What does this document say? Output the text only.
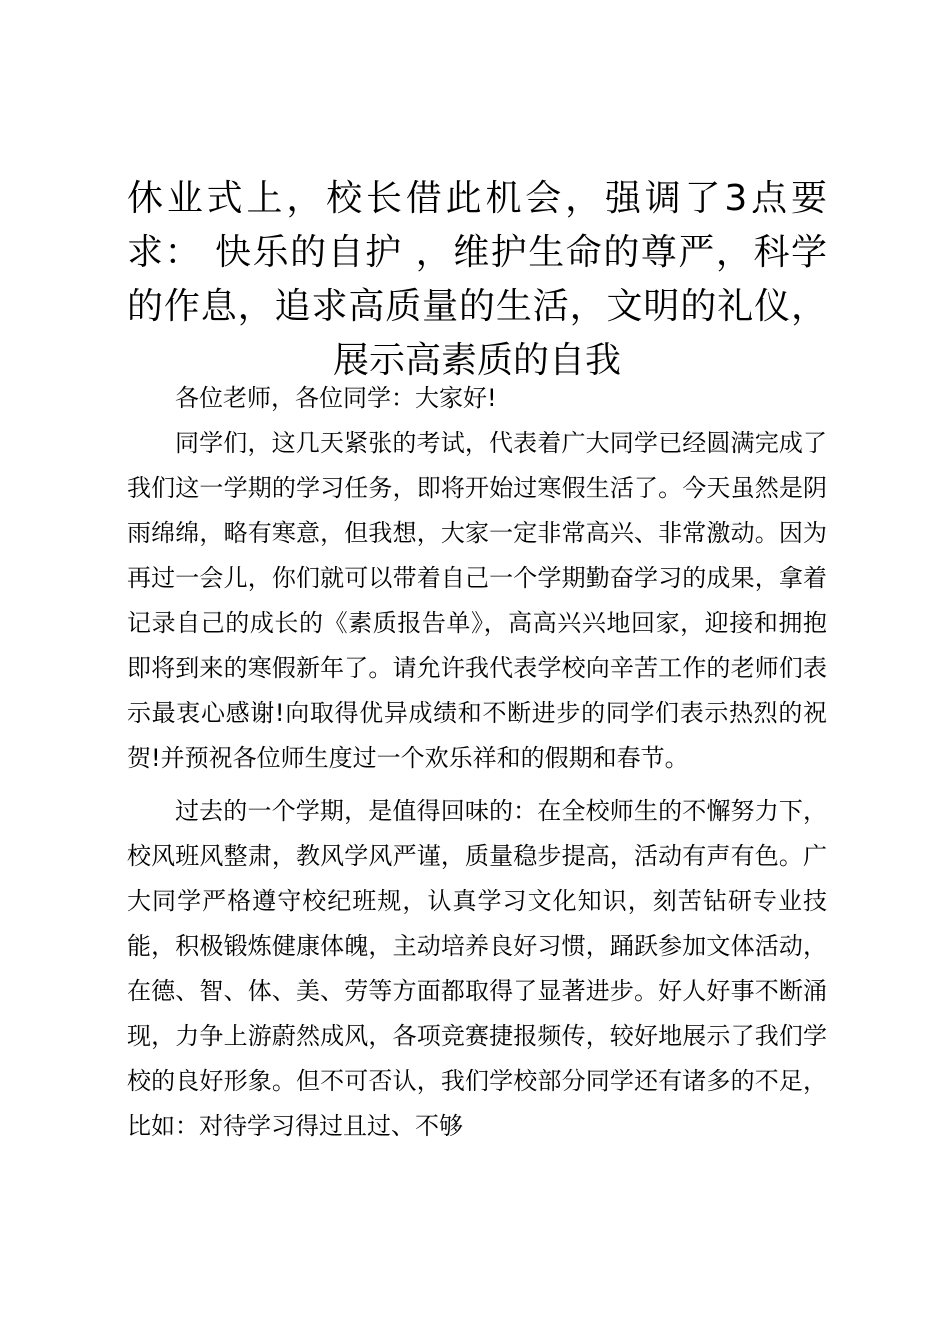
休业式上，校长借此机会，强调了3点要求： 快乐的自护 ，维护生命的尊严，科学的作息，追求高质量的生活，文明的礼仪，展示高素质的自我

各位老师，各位同学：大家好!

同学们，这几天紧张的考试，代表着广大同学已经圆满完成了我们这一学期的学习任务，即将开始过寒假生活了。今天虽然是阴雨绵绵，略有寒意，但我想，大家一定非常高兴、非常激动。因为再过一会儿，你们就可以带着自己一个学期勤奋学习的成果，拿着记录自己的成长的《素质报告单》，高高兴兴地回家，迎接和拥抱即将到来的寒假新年了。请允许我代表学校向辛苦工作的老师们表示最衷心感谢!向取得优异成绩和不断进步的同学们表示热烈的祝贺!并预祝各位师生度过一个欢乐祥和的假期和春节。

过去的一个学期，是值得回味的：在全校师生的不懈努力下，校风班风整肃，教风学风严谨，质量稳步提高，活动有声有色。广大同学严格遵守校纪班规，认真学习文化知识，刻苦钻研专业技能，积极锻炼健康体魄，主动培养良好习惯，踊跃参加文体活动，在德、智、体、美、劳等方面都取得了显著进步。好人好事不断涌现，力争上游蔚然成风，各项竞赛捷报频传，较好地展示了我们学校的良好形象。但不可否认，我们学校部分同学还有诸多的不足，比如：对待学习得过且过、不够
